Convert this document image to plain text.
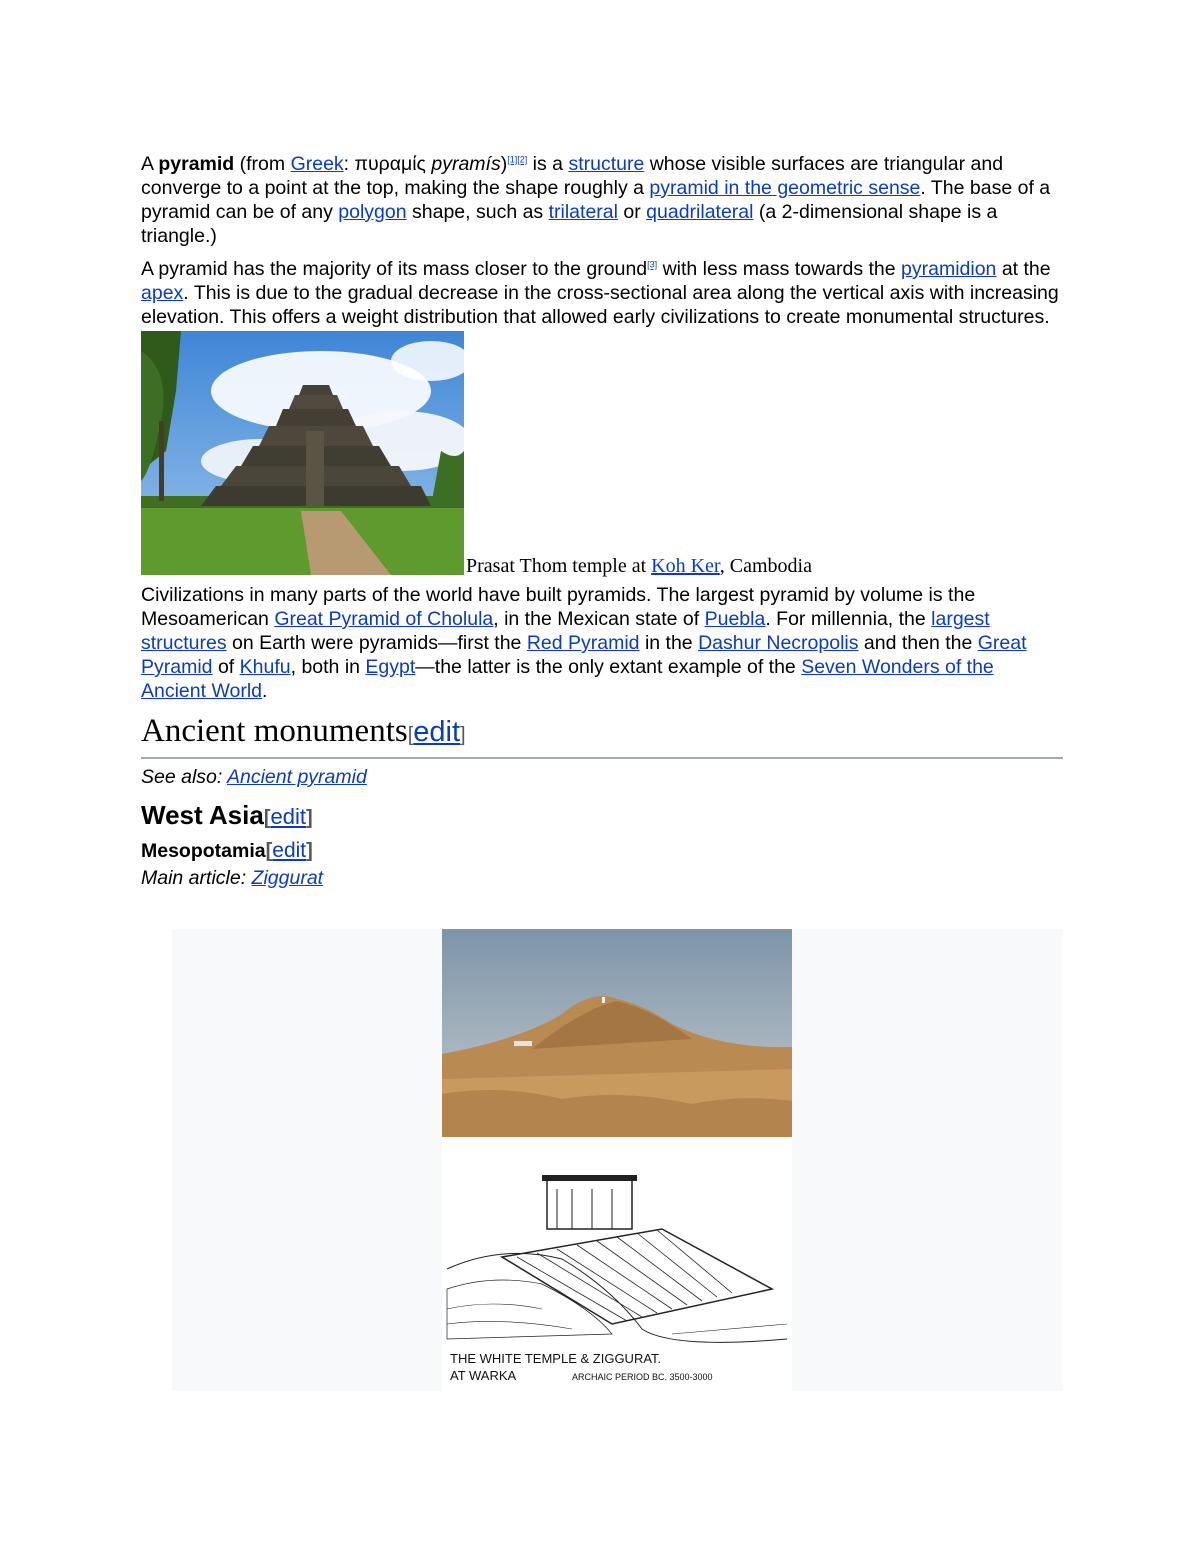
A pyramid (from Greek: πυραμίς pyramís)[1][2] is a structure whose visible surfaces are triangular and converge to a point at the top, making the shape roughly a pyramid in the geometric sense. The base of a pyramid can be of any polygon shape, such as trilateral or quadrilateral (a 2-dimensional shape is a triangle.)

A pyramid has the majority of its mass closer to the ground[3] with less mass towards the pyramidion at the apex. This is due to the gradual decrease in the cross-sectional area along the vertical axis with increasing elevation. This offers a weight distribution that allowed early civilizations to create monumental structures.

Prasat Thom temple at Koh Ker, Cambodia

Civilizations in many parts of the world have built pyramids. The largest pyramid by volume is the Mesoamerican Great Pyramid of Cholula, in the Mexican state of Puebla. For millennia, the largest structures on Earth were pyramids—first the Red Pyramid in the Dashur Necropolis and then the Great Pyramid of Khufu, both in Egypt—the latter is the only extant example of the Seven Wonders of the Ancient World.

Ancient monuments[edit]
See also: Ancient pyramid
West Asia[edit]
Mesopotamia[edit]
Main article: Ziggurat
THE WHITE TEMPLE & ZIGGURAT.
AT WARKA	ARCHAIC PERIOD BC. 3500-3000
